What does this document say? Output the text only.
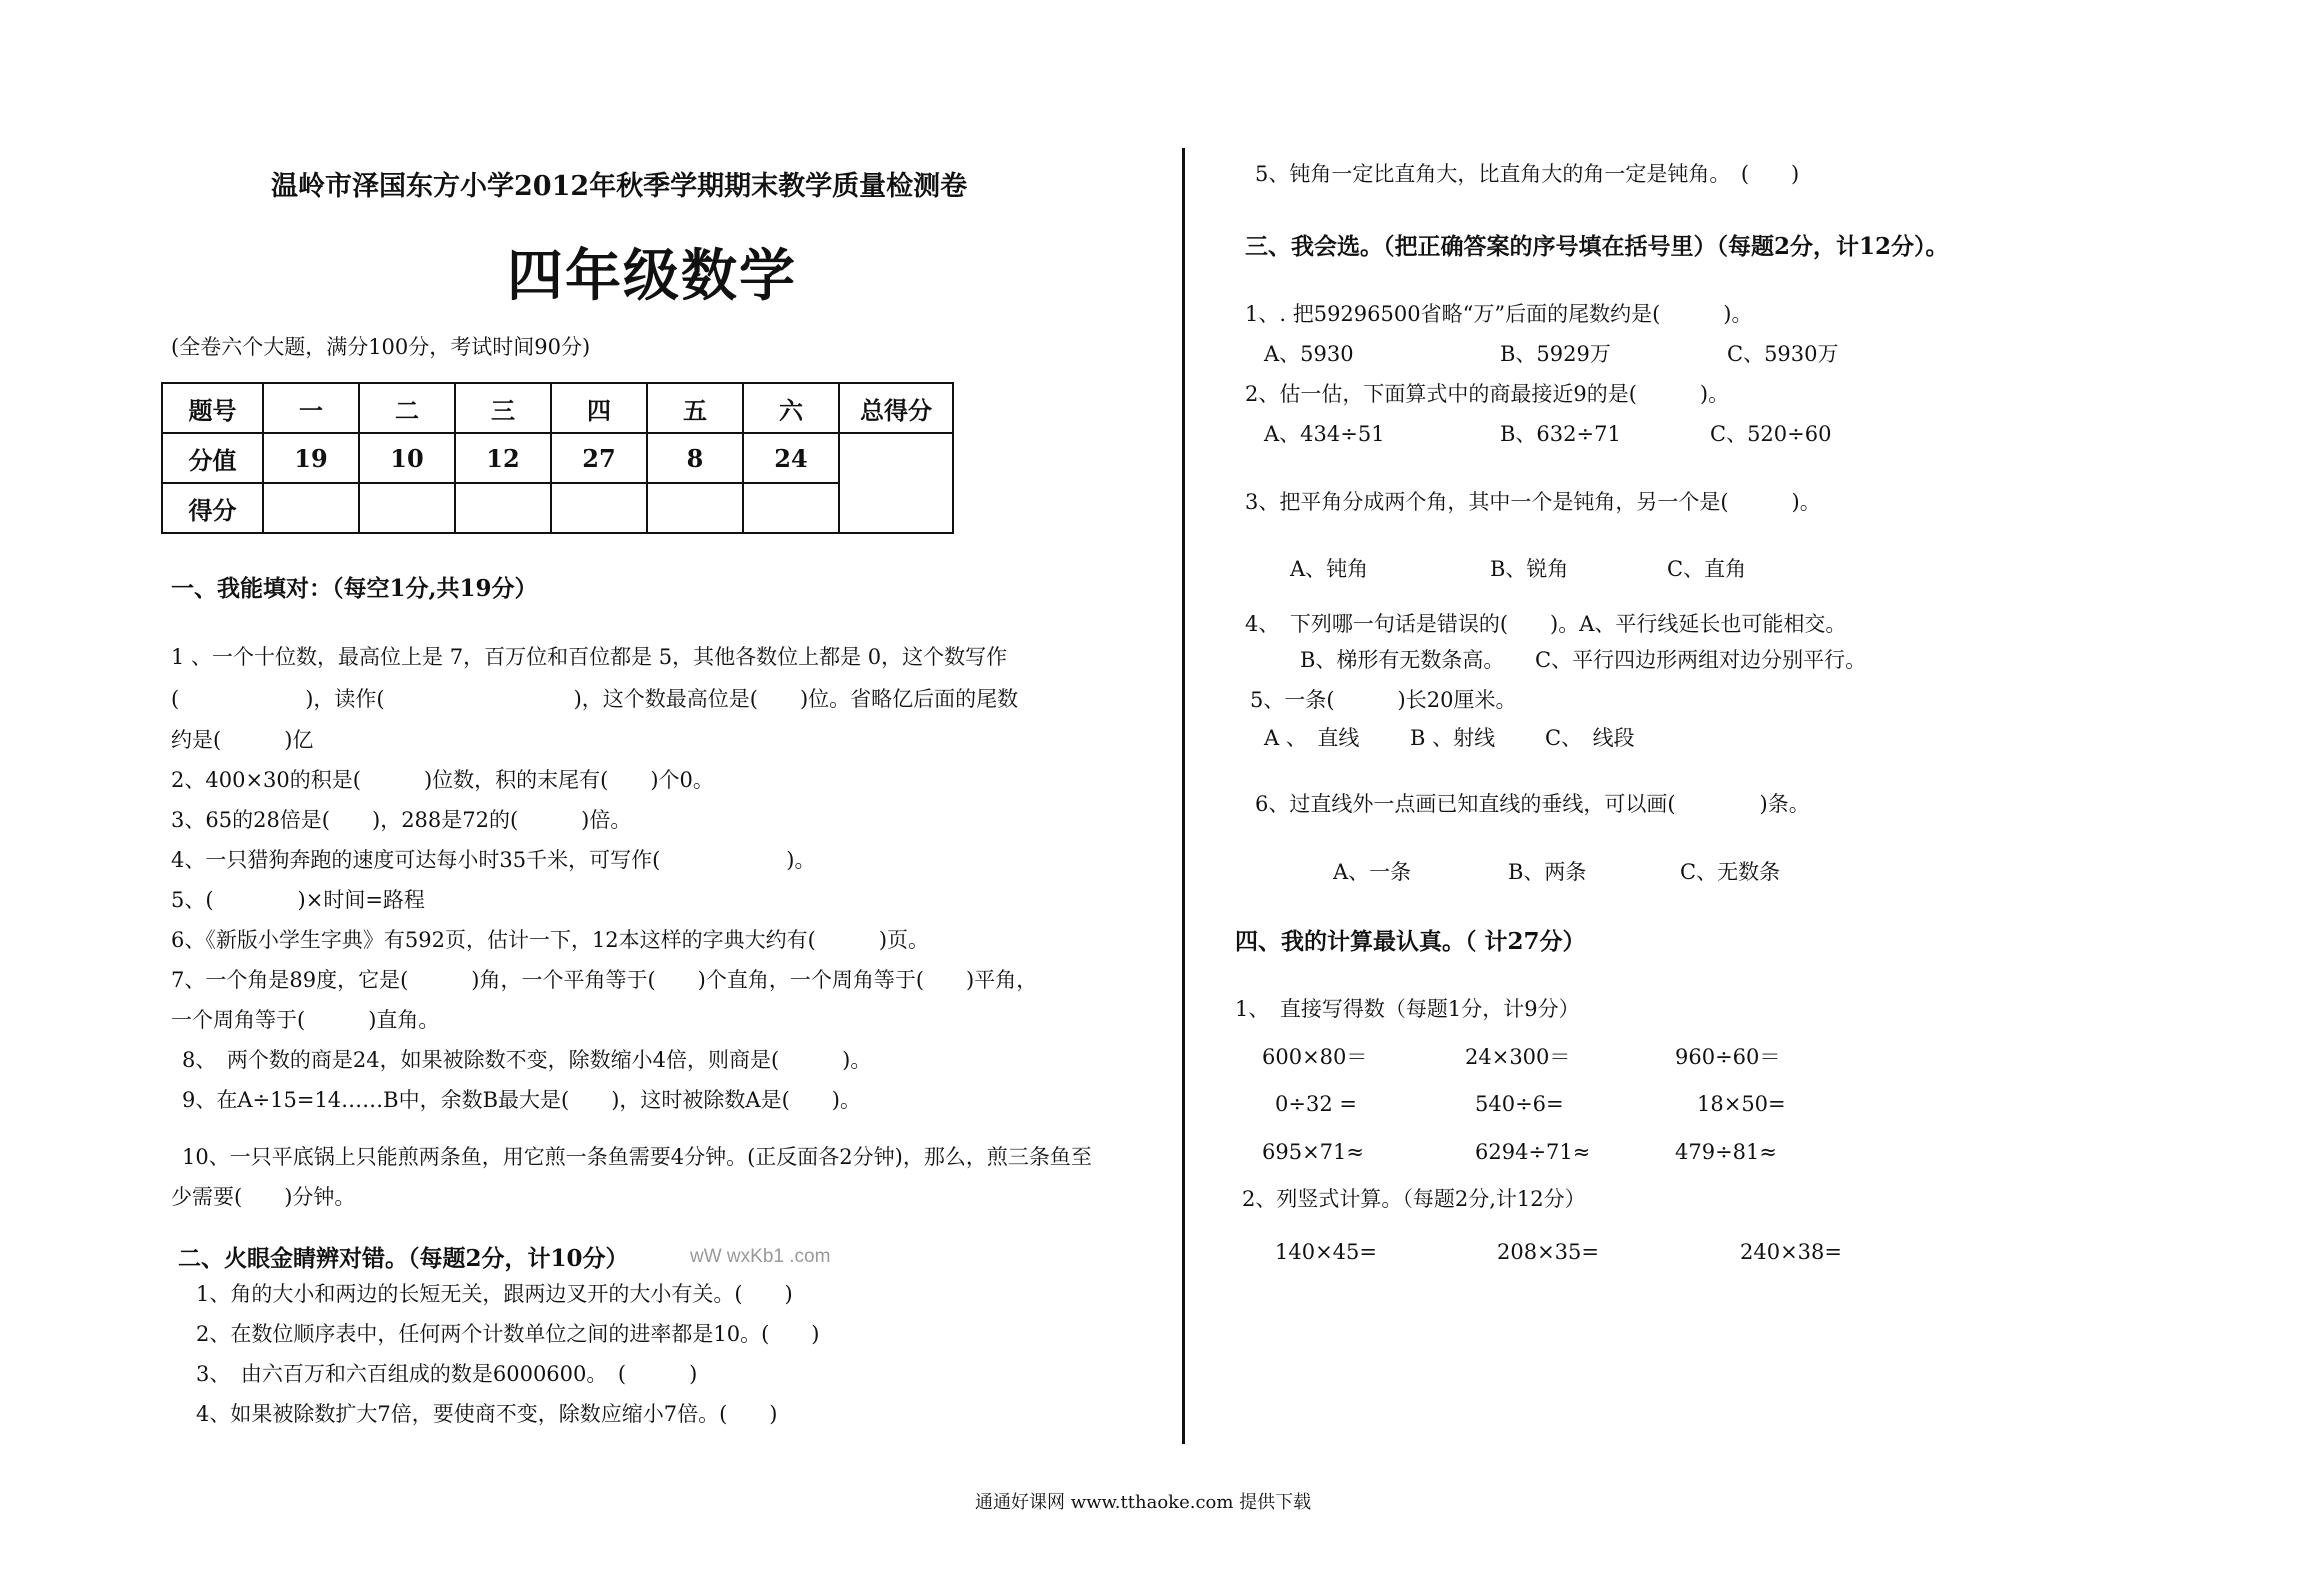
温岭市泽国东方小学2012年秋季学期期末教学质量检测卷
四年级数学
(全卷六个大题，满分100分，考试时间90分)
题号	一	二	三	四	五	六	总得分
分值	19	10	12	27	8	24	
得分							
一、我能填对：（每空1分,共19分）
1 、一个十位数，最高位上是 7，百万位和百位都是 5，其他各数位上都是 0，这个数写作
(　　　　　　)，读作(　　　　　　　　　)，这个数最高位是(　　)位。省略亿后面的尾数
约是(　　　)亿
2、400×30的积是(　　　)位数，积的末尾有(　　)个0。
3、65的28倍是(　　)，288是72的(　　　)倍。
4、一只猎狗奔跑的速度可达每小时35千米，可写作(　　　　　　)。
5、(　　　　)×时间=路程
6、《新版小学生字典》有592页，估计一下，12本这样的字典大约有(　　　)页。
7、一个角是89度，它是(　　　)角，一个平角等于(　　)个直角，一个周角等于(　　)平角，
一个周角等于(　　　)直角。
8、　两个数的商是24，如果被除数不变，除数缩小4倍，则商是(　　　)。
9、在A÷15=14……B中，余数B最大是(　　)，这时被除数A是(　　)。
10、一只平底锅上只能煎两条鱼，用它煎一条鱼需要4分钟。(正反面各2分钟)，那么，煎三条鱼至
少需要(　　)分钟。
二、火眼金睛辨对错。（每题2分，计10分）	wW wxKb1 .com
1、角的大小和两边的长短无关，跟两边叉开的大小有关。(　　)
2、在数位顺序表中，任何两个计数单位之间的进率都是10。(　　)
3、　由六百万和六百组成的数是6000600。　(　　　)
4、如果被除数扩大7倍，要使商不变，除数应缩小7倍。(　　)
5、钝角一定比直角大，比直角大的角一定是钝角。　(　　)
三、我会选。（把正确答案的序号填在括号里）（每题2分，计12分）。
1、. 把59296500省略“万”后面的尾数约是(　　　)。
A、5930	B、5929万	C、5930万
2、估一估，下面算式中的商最接近9的是(　　　)。
A、434÷51	B、632÷71	C、520÷60
3、把平角分成两个角，其中一个是钝角，另一个是(　　　)。
A、钝角	B、锐角	C、直角
4、　下列哪一句话是错误的(　　)。A、平行线延长也可能相交。
B、梯形有无数条高。 C、平行四边形两组对边分别平行。
5、一条(　　　)长20厘米。
A 、　直线 B 、射线 C、　线段
6、过直线外一点画已知直线的垂线，可以画(　　　　)条。
A、一条	B、两条	C、无数条
四、我的计算最认真。（ 计27分）
1、　直接写得数（每题1分，计9分）
600×80＝	24×300＝	960÷60＝
0÷32 =	540÷6=	18×50=
695×71≈	6294÷71≈	479÷81≈
2、列竖式计算。（每题2分,计12分）
140×45=	208×35=	240×38=
通通好课网 www.tthaoke.com 提供下载
